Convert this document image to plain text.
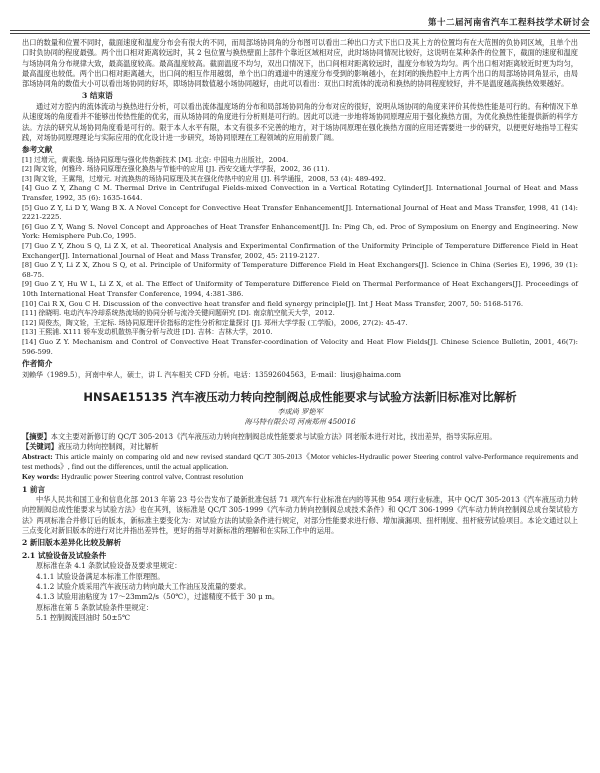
第十二届河南省汽车工程科技学术研讨会

出口的数量和位置不同时，截面速度和温度分布会有很大的不同，而局部场协同角的分布图可以看出二种出口方式下出口及其上方的位置均有在大范围的负协同区域，且单个出口时负协同的程度最强。两个出口相对距离较远时，其 2 包位置与换热壁面上部件个靠近区域相对应，此时场协同情况比较好，这说明在某种条件的位置下，截面的速度和温度与场协同角分布规律大致，最高温度较高。最高温度较高。截面温度不均匀，双出口情况下，出口间相对距离较远时，温度分布较为均匀。两个出口相对距离较近时更为均匀，最高温度也较低。两个出口相对距离越大，出口间的相互作用越弱，单个出口的通道中的速度分布受到的影响越小，在封闭的换热腔中上方两个出口的局部场协同角显示，由局部场协同角的数值大小可以看出场协同的好坏，即场协同数值越小场协同越好，由此可以看出：双出口时流体的流动和换热的协同程度较好，并不是温度越高换热效果越好。

3 结束语

通过对方腔内的流体流动与换热进行分析，可以看出流体温度场的分布和局部场协同角的分布对应的很好，说明从场协同的角度来评价其传热性能是可行的。有种情况下单从速度场的角度看并不能够出传热性能的优劣，而从场协同的角度进行分析则是可行的。因此可以进一步地将场协同原理应用于强化换热方面，为优化换热性能提供新的科学方法。方法的研究从场协同角度看是可行的。限于本人水平有限，本文有很多不完善的地方，对于场协同原理在强化换热方面的应用还需要进一步的研究，以便更好地指导工程实践，对场协同原理理论与实际应用的优化设计进一步研究，场协同原理在工程领域的应用前景广阔。

参考文献

[1] 过增元，黄素逸. 场协同原理与强化传热新技术 [M]. 北京: 中国电力出版社，2004.

[2] 陶文铨，何雅玲. 场协同原理在强化换热与节能中的应用 [J]. 西安交通大学学报，2002, 36 (11).

[3] 陶文铨，王翼翔，过增元. 对流换热的场协同原理及其在强化传热中的应用 [J]. 科学通报，2008, 53 (4): 489-492.

[4] Guo Z Y, Zhang C M. Thermal Drive in Centrifugal Fields-mixed Convection in a Vertical Rotating Cylinder[J]. International Journal of Heat and Mass Transfer, 1992, 35 (6): 1635-1644.

[5] Guo Z Y, Li D Y, Wang B X. A Novel Concept for Convective Heat Transfer Enhancement[J]. International Journal of Heat and Mass Transfer, 1998, 41 (14): 2221-2225.

[6] Guo Z Y, Wang S. Novel Concept and Approaches of Heat Transfer Enhancement[J]. In: Ping Ch, ed. Proc of Symposium on Energy and Engineering. New York: Hemisphere Pub.Co, 1995.

[7] Guo Z Y, Zhou S Q, Li Z X, et al. Theoretical Analysis and Experimental Confirmation of the Uniformity Principle of Temperature Difference Field in Heat Exchanger[J]. International Journal of Heat and Mass Transfer, 2002, 45: 2119-2127.

[8] Guo Z Y, Li Z X, Zhou S Q, et al. Principle of Uniformity of Temperature Difference Field in Heat Exchangers[J]. Science in China (Series E), 1996, 39 (1): 68-75.

[9] Guo Z Y, Hu W L, Li Z X, et al. The Effect of Uniformity of Temperature Difference Field on Thermal Performance of Heat Exchangers[J]. Proceedings of 10th International Heat Transfer Conference, 1994, 4:381-386.

[10] Cai R X, Gou C H. Discussion of the convective heat transfer and field synergy principle[J]. Int J Heat Mass Transfer, 2007, 50: 5168-5176.

[11] 徐晓明. 电动汽车冷却系统热流场的协同分析与流冷关键问题研究 [D]. 南京航空航天大学，2012.

[12] 周俊杰，陶文铨，王定标. 场协同原理评价指标的定性分析和定量探讨 [J]. 郑州大学学报 (工学版)，2006, 27(2): 45-47.

[13] 王熙浦. X111 轿车发动机散热平衡分析与改进 [D]. 吉林：吉林大学，2010.

[14] Guo Z Y. Mechanism and Control of Convective Heat Transfer-coordination of Velocity and Heat Flow Fields[J]. Chinese Science Bulletin, 2001, 46(7): 596-599.

作者简介

刘赖华（1989.5），河南中牟人，硕士，讲 I. 汽车相关 CFD 分析。电话：13592604563，E-mail：liusj@haima.com

HNSAE15135 汽车液压动力转向控制阀总成性能要求与试验方法新旧标准对比解析
李成尚 罗艳军
海马特有限公司 河南郑州 450016

【摘要】本文主要对新修订的 QC/T 305-2013《汽车液压动力转向控制阀总成性能要求与试验方法》同老版本进行对比，找出差异，指导实际应用。

【关键词】液压动力转向控制阀，对比解析

Abstract: This article mainly on comparing old and new revised standard QC/T 305-2013《Motor vehicles-Hydraulic power Steering control valve-Performance requirements and test methods》, find out the differences, until the actual application.

Key words: Hydraulic power Steering control valve, Contrast resolution

1 前言

中华人民共和国工业和信息化部 2013 年第 23 号公告发布了最新批准包括 71 项汽车行业标准在内的等其他 954 项行业标准，其中 QC/T 305-2013《汽车液压动力转向控制阀总成性能要求与试验方法》也在其列，该标准是 QC/T 305-1999《汽车动力转向控制阀总成技术条件》和 QC/T 306-1999《汽车动力转向控制阀总成台架试验方法》两项标准合并修订后的版本，新标准主要变化为：对试验方法的试验条件进行规定，对部分性能要求进行修、增加滴漏项、扭杆刚度、扭杆疲劳试验项目。本论文通过以上三点变化对新旧版本的进行对比并指出差异性，更好的指导对新标准的理解和在实际工作中的运用。

2 新旧版本差异化比较及解析
2.1 试验设备及试验条件

原标准在条 4.1 条款试验设备及要求里规定：

4.1.1 试验设备满足本标准工作原理图。

4.1.2 试验介质采用汽车液压动力转向最大工作油压及流量的要求。

4.1.3 试验用油粘度为 17～23mm2/s（50℃），过滤精度不低于 30 μ m。

原标准在第 5 条款试验条件里规定：

5.1 控制阀流回油时 50±5℃
